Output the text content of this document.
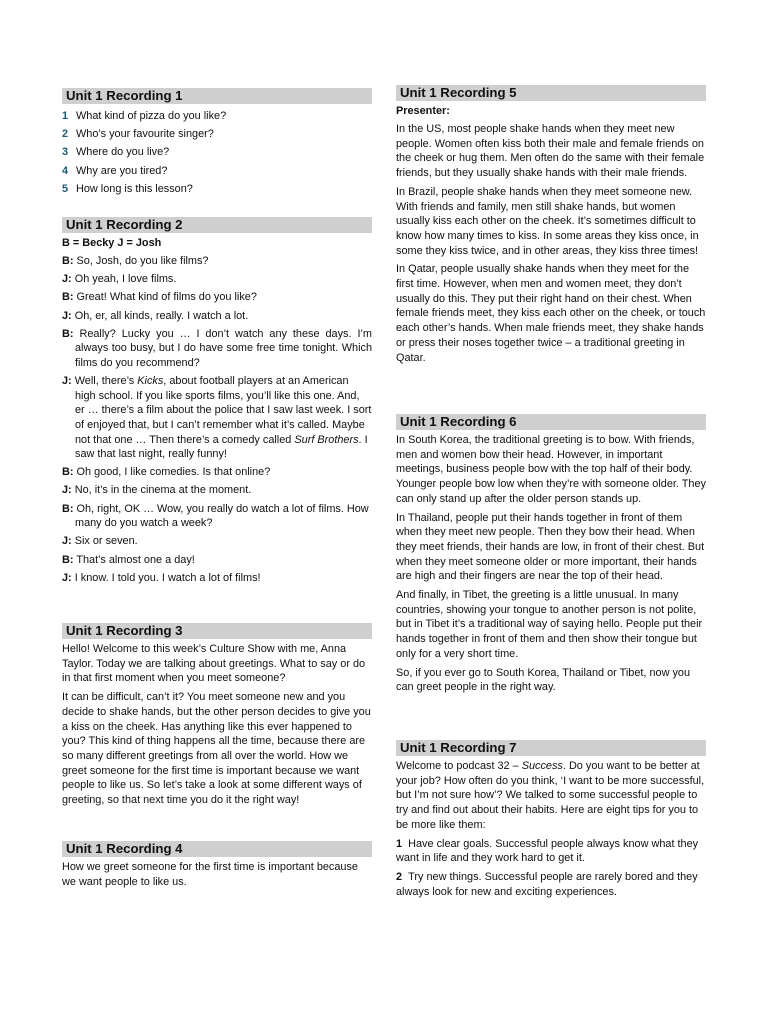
Unit 1 Recording 1
1 What kind of pizza do you like?
2 Who’s your favourite singer?
3 Where do you live?
4 Why are you tired?
5 How long is this lesson?
Unit 1 Recording 2
B = Becky J = Josh
B: So, Josh, do you like films?
J: Oh yeah, I love films.
B: Great! What kind of films do you like?
J: Oh, er, all kinds, really. I watch a lot.
B: Really? Lucky you … I don’t watch any these days. I’m always too busy, but I do have some free time tonight. Which films do you recommend?
J: Well, there’s Kicks, about football players at an American high school. If you like sports films, you’ll like this one. And, er … there’s a film about the police that I saw last week. I sort of enjoyed that, but I can’t remember what it’s called. Maybe not that one … Then there’s a comedy called Surf Brothers. I saw that last night, really funny!
B: Oh good, I like comedies. Is that online?
J: No, it’s in the cinema at the moment.
B: Oh, right, OK … Wow, you really do watch a lot of films. How many do you watch a week?
J: Six or seven.
B: That’s almost one a day!
J: I know. I told you. I watch a lot of films!
Unit 1 Recording 3

Hello! Welcome to this week’s Culture Show with me, Anna Taylor. Today we are talking about greetings. What to say or do in that first moment when you meet someone?

It can be difficult, can’t it? You meet someone new and you decide to shake hands, but the other person decides to give you a kiss on the cheek. Has anything like this ever happened to you? This kind of thing happens all the time, because there are so many different greetings from all over the world. How we greet someone for the first time is important because we want people to like us. So let’s take a look at some different ways of greeting, so that next time you do it the right way!

Unit 1 Recording 4

How we greet someone for the first time is important because we want people to like us.

Unit 1 Recording 5
Presenter:

In the US, most people shake hands when they meet new people. Women often kiss both their male and female friends on the cheek or hug them. Men often do the same with their female friends, but they usually shake hands with their male friends.

In Brazil, people shake hands when they meet someone new. With friends and family, men still shake hands, but women usually kiss each other on the cheek. It’s sometimes difficult to know how many times to kiss. In some areas they kiss once, in some they kiss twice, and in other areas, they kiss three times!

In Qatar, people usually shake hands when they meet for the first time. However, when men and women meet, they don’t usually do this. They put their right hand on their chest. When female friends meet, they kiss each other on the cheek, or touch each other’s hands. When male friends meet, they shake hands or press their noses together twice – a traditional greeting in Qatar.

Unit 1 Recording 6

In South Korea, the traditional greeting is to bow. With friends, men and women bow their head. However, in important meetings, business people bow with the top half of their body. Younger people bow low when they’re with someone older. They can only stand up after the older person stands up.

In Thailand, people put their hands together in front of them when they meet new people. Then they bow their head. When they meet friends, their hands are low, in front of their chest. But when they meet someone older or more important, their hands are high and their fingers are near the top of their head.

And finally, in Tibet, the greeting is a little unusual. In many countries, showing your tongue to another person is not polite, but in Tibet it’s a traditional way of saying hello. People put their hands together in front of them and then show their tongue but only for a very short time.

So, if you ever go to South Korea, Thailand or Tibet, now you can greet people in the right way.

Unit 1 Recording 7

Welcome to podcast 32 – Success. Do you want to be better at your job? How often do you think, ‘I want to be more successful, but I’m not sure how’? We talked to some successful people to try and find out about their habits. Here are eight tips for you to be more like them:

1 Have clear goals. Successful people always know what they want in life and they work hard to get it.

2 Try new things. Successful people are rarely bored and they always look for new and exciting experiences.
